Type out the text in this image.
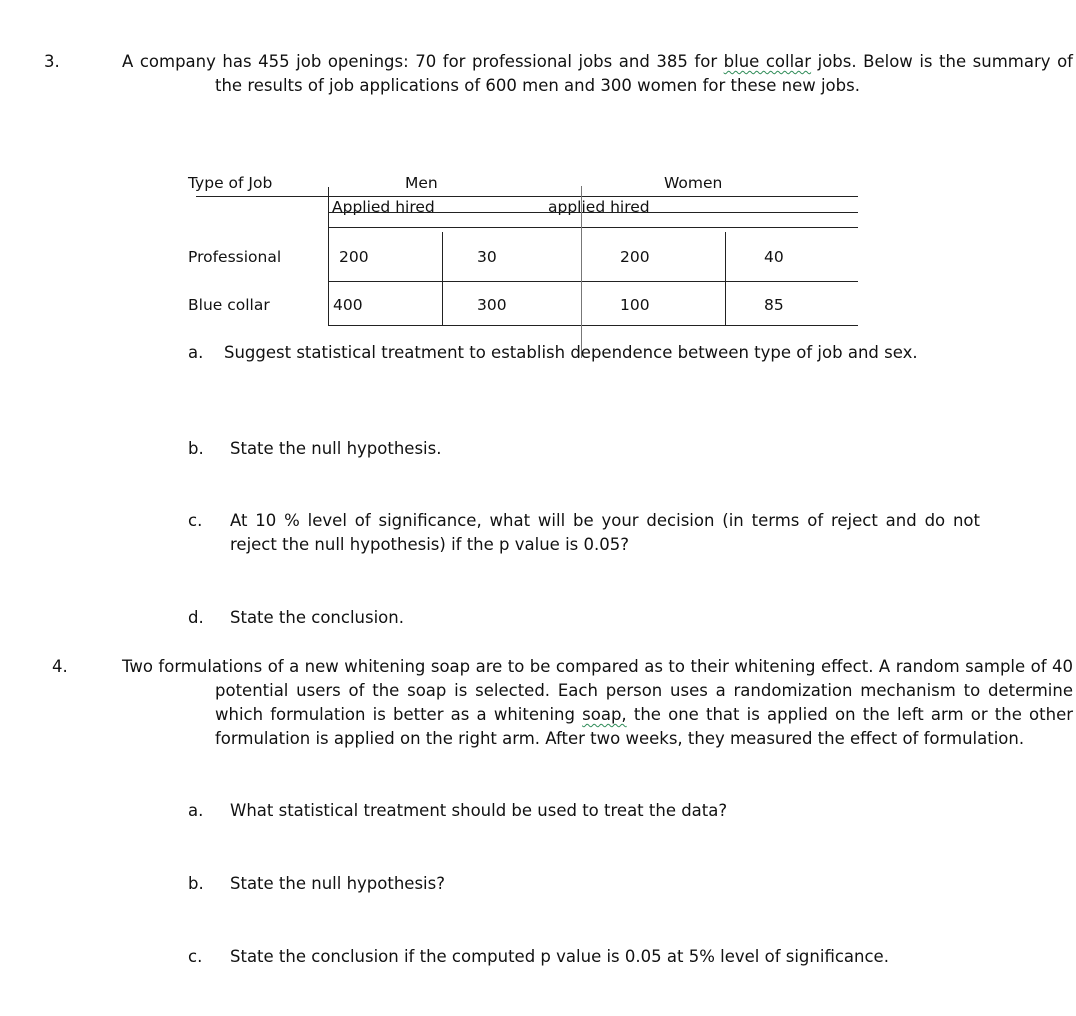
3.	A company has 455 job openings: 70 for professional jobs and 385 for blue collar jobs. Below is the summary of the results of job applications of 600 men and 300 women for these new jobs.
Type of Job	Men	Women
Applied hired	applied hired
Professional	200	30	200	40
Blue collar	400	300	100	85
a. Suggest statistical treatment to establish dependence between type of job and sex.
b. State the null hypothesis.
c. At 10 % level of significance, what will be your decision (in terms of reject and do not reject the null hypothesis) if the p value is 0.05?
d. State the conclusion.
4.	Two formulations of a new whitening soap are to be compared as to their whitening effect. A random sample of 40 potential users of the soap is selected. Each person uses a randomization mechanism to determine which formulation is better as a whitening soap, the one that is applied on the left arm or the other formulation is applied on the right arm. After two weeks, they measured the effect of formulation.
a. What statistical treatment should be used to treat the data?
b. State the null hypothesis?
c. State the conclusion if the computed p value is 0.05 at 5% level of significance.
